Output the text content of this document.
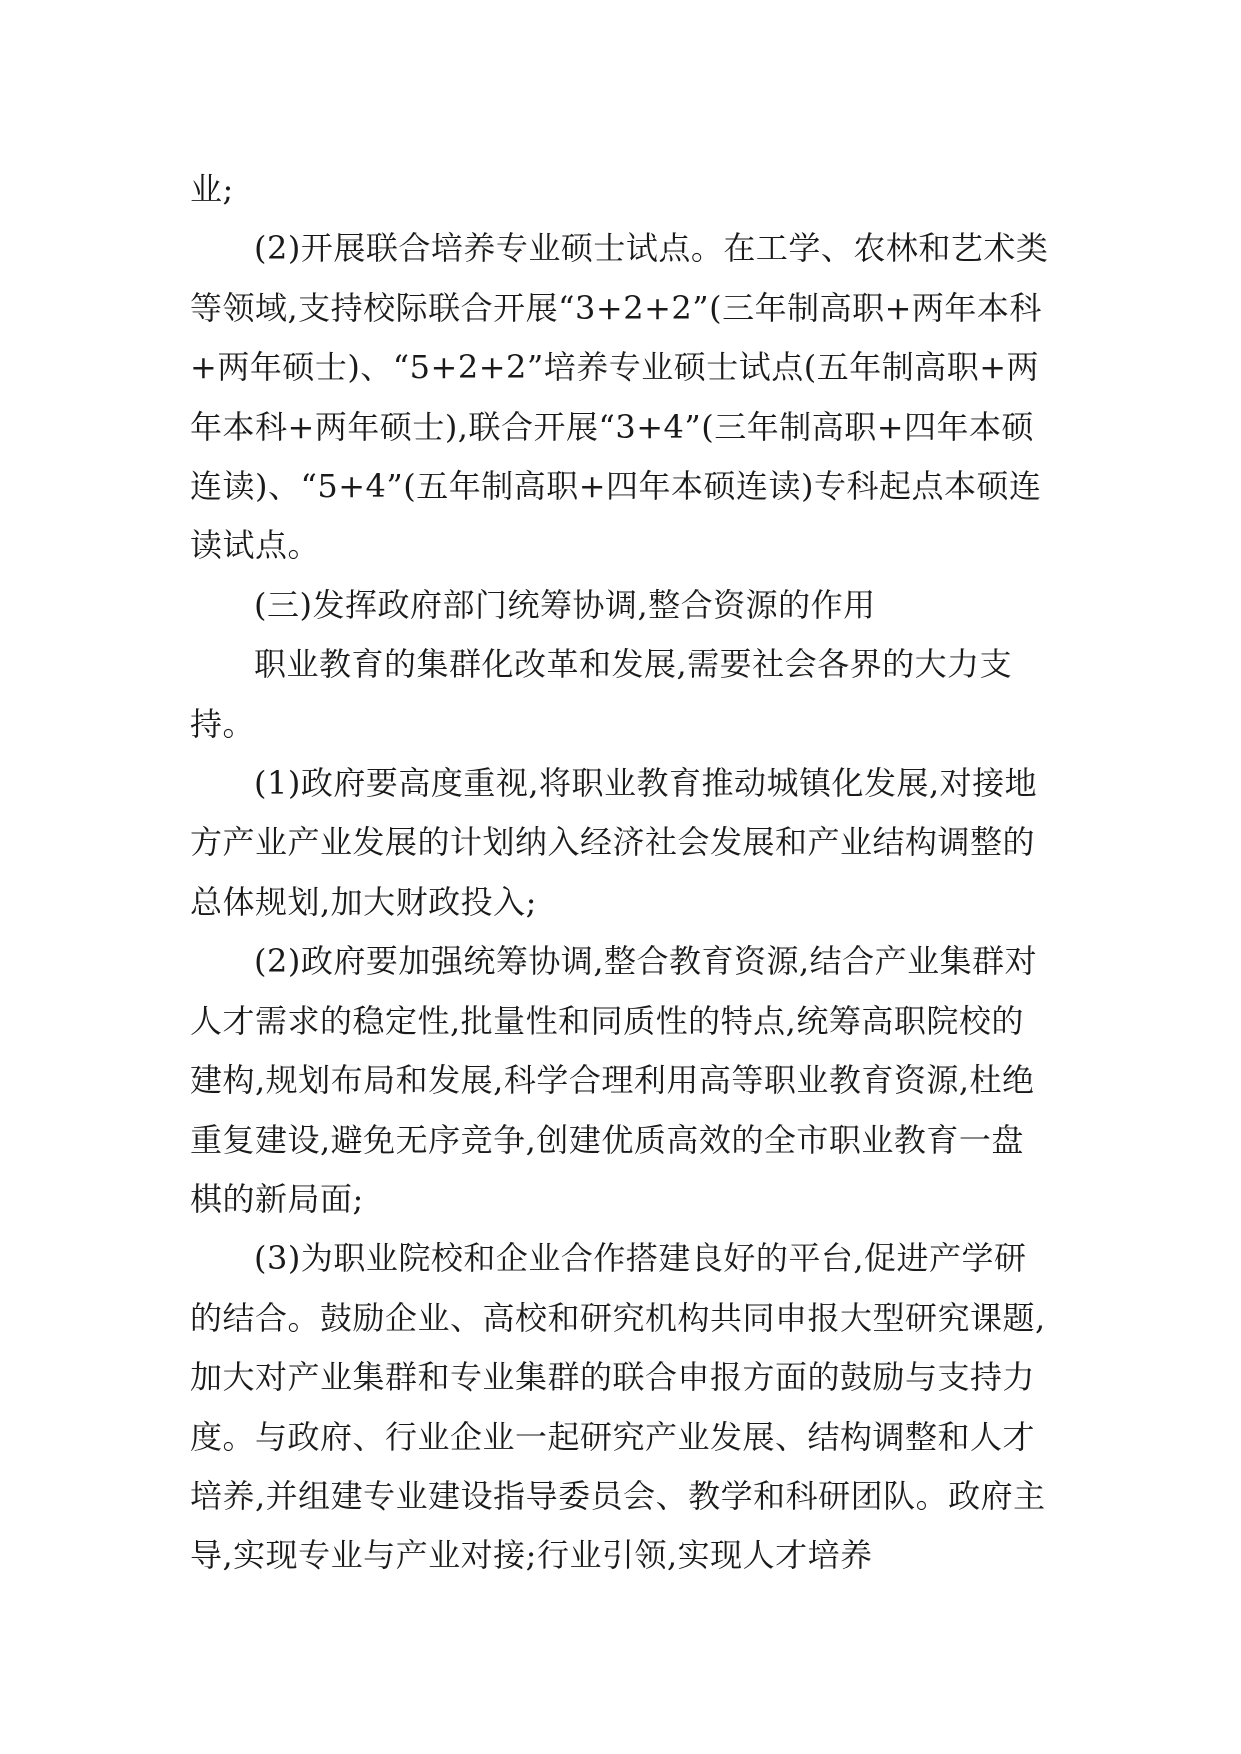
业;

(2)开展联合培养专业硕士试点。在工学、农林和艺术类等领域,支持校际联合开展“3+2+2”(三年制高职+两年本科+两年硕士)、“5+2+2”培养专业硕士试点(五年制高职+两年本科+两年硕士),联合开展“3+4”(三年制高职+四年本硕连读)、“5+4”(五年制高职+四年本硕连读)专科起点本硕连读试点。

(三)发挥政府部门统筹协调,整合资源的作用

职业教育的集群化改革和发展,需要社会各界的大力支持。

(1)政府要高度重视,将职业教育推动城镇化发展,对接地方产业产业发展的计划纳入经济社会发展和产业结构调整的总体规划,加大财政投入;

(2)政府要加强统筹协调,整合教育资源,结合产业集群对人才需求的稳定性,批量性和同质性的特点,统筹高职院校的建构,规划布局和发展,科学合理利用高等职业教育资源,杜绝重复建设,避免无序竞争,创建优质高效的全市职业教育一盘棋的新局面;

(3)为职业院校和企业合作搭建良好的平台,促进产学研的结合。鼓励企业、高校和研究机构共同申报大型研究课题,加大对产业集群和专业集群的联合申报方面的鼓励与支持力度。与政府、行业企业一起研究产业发展、结构调整和人才培养,并组建专业建设指导委员会、教学和科研团队。政府主导,实现专业与产业对接;行业引领,实现人才培养
